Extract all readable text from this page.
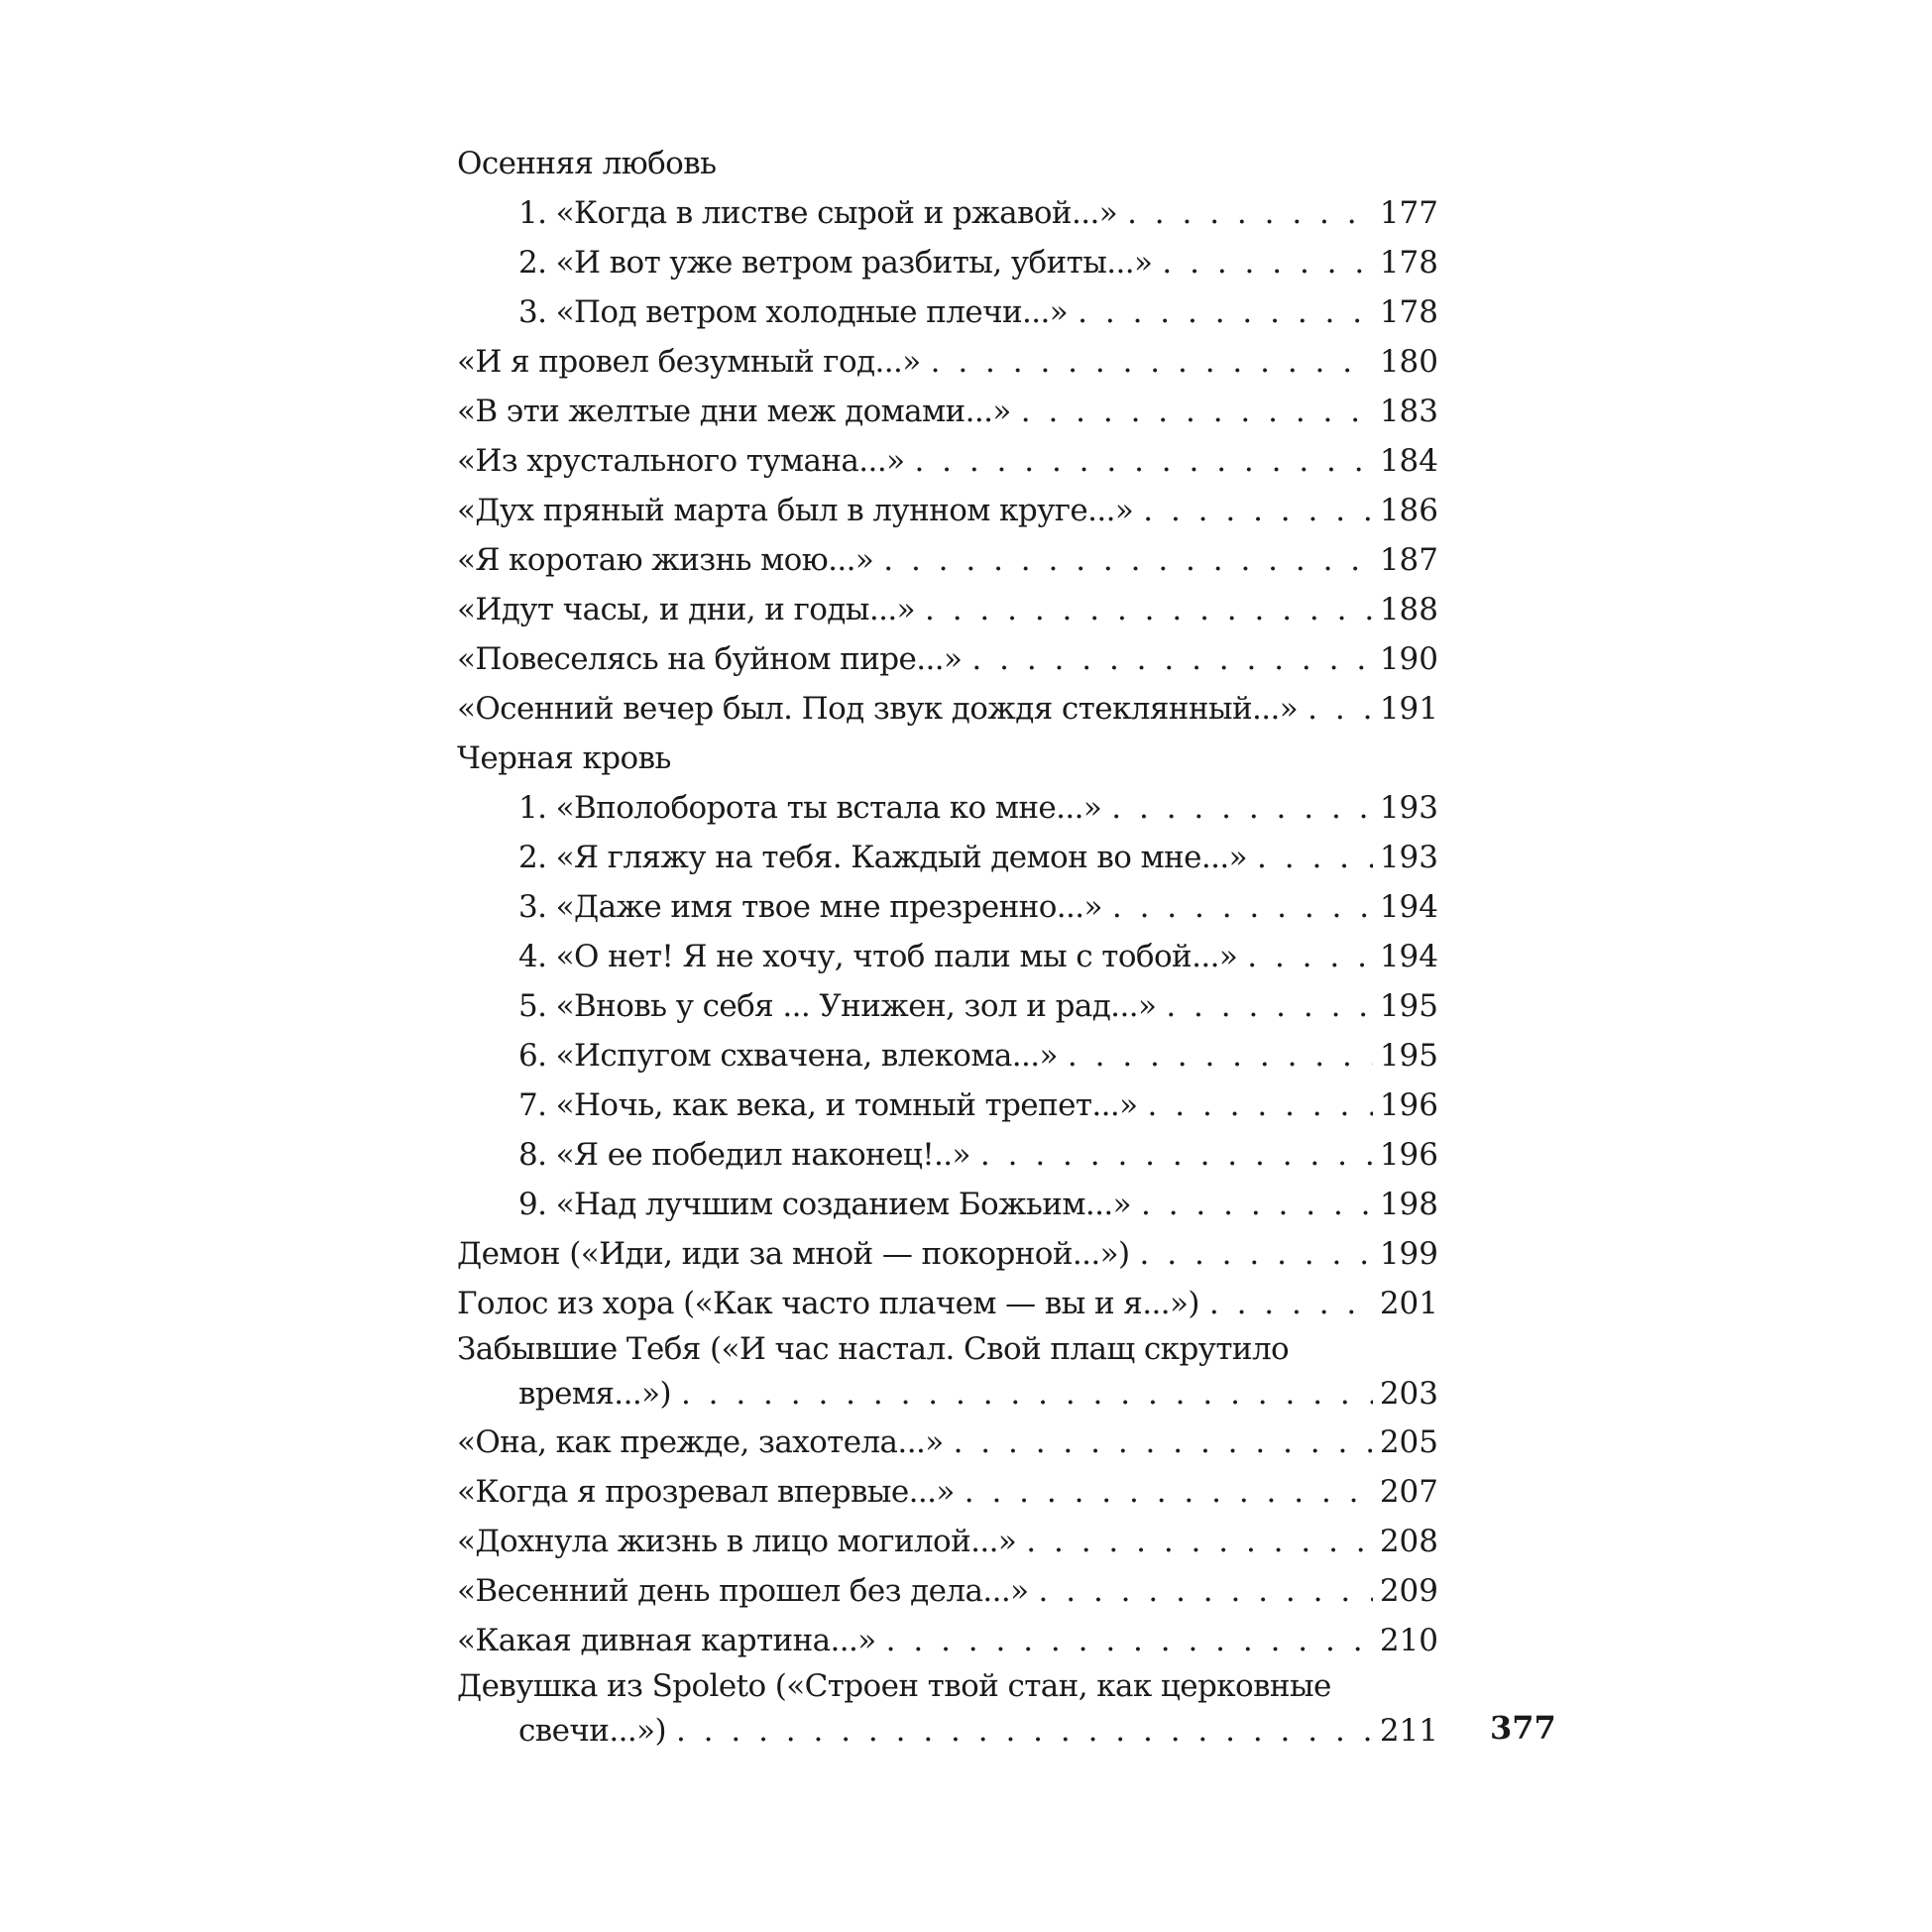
Осенняя любовь
1. «Когда в листве сырой и ржавой...» . . .	177
2. «И вот уже ветром разбиты, убиты...» . . .	178
3. «Под ветром холодные плечи...» . . .	178
«И я провел безумный год...» . . .	180
«В эти желтые дни меж домами...» . . .	183
«Из хрустального тумана...» . . .	184
«Дух пряный марта был в лунном круге...» . . .	186
«Я коротаю жизнь мою...» . . .	187
«Идут часы, и дни, и годы...» . . .	188
«Повеселясь на буйном пире...» . . .	190
«Осенний вечер был. Под звук дождя стеклянный...» . . .	191
Черная кровь
1. «Вполоборота ты встала ко мне...» . . .	193
2. «Я гляжу на тебя. Каждый демон во мне...» . . .	193
3. «Даже имя твое мне презренно...» . . .	194
4. «О нет! Я не хочу, чтоб пали мы с тобой...» . . .	194
5. «Вновь у себя ... Унижен, зол и рад...» . . .	195
6. «Испугом схвачена, влекома...» . . .	195
7. «Ночь, как века, и томный трепет...» . . .	196
8. «Я ее победил наконец!..» . . .	196
9. «Над лучшим созданием Божьим...» . . .	198
Демон («Иди, иди за мной — покорной...») . . .	199
Голос из хора («Как часто плачем — вы и я...») . . .	201
Забывшие Тебя («И час настал. Свой плащ скрутило
время...») . . .	203
«Она, как прежде, захотела...» . . .	205
«Когда я прозревал впервые...» . . .	207
«Дохнула жизнь в лицо могилой...» . . .	208
«Весенний день прошел без дела...» . . .	209
«Какая дивная картина...» . . .	210
Девушка из Spoleto («Строен твой стан, как церковные
свечи...») . . .	211 377
